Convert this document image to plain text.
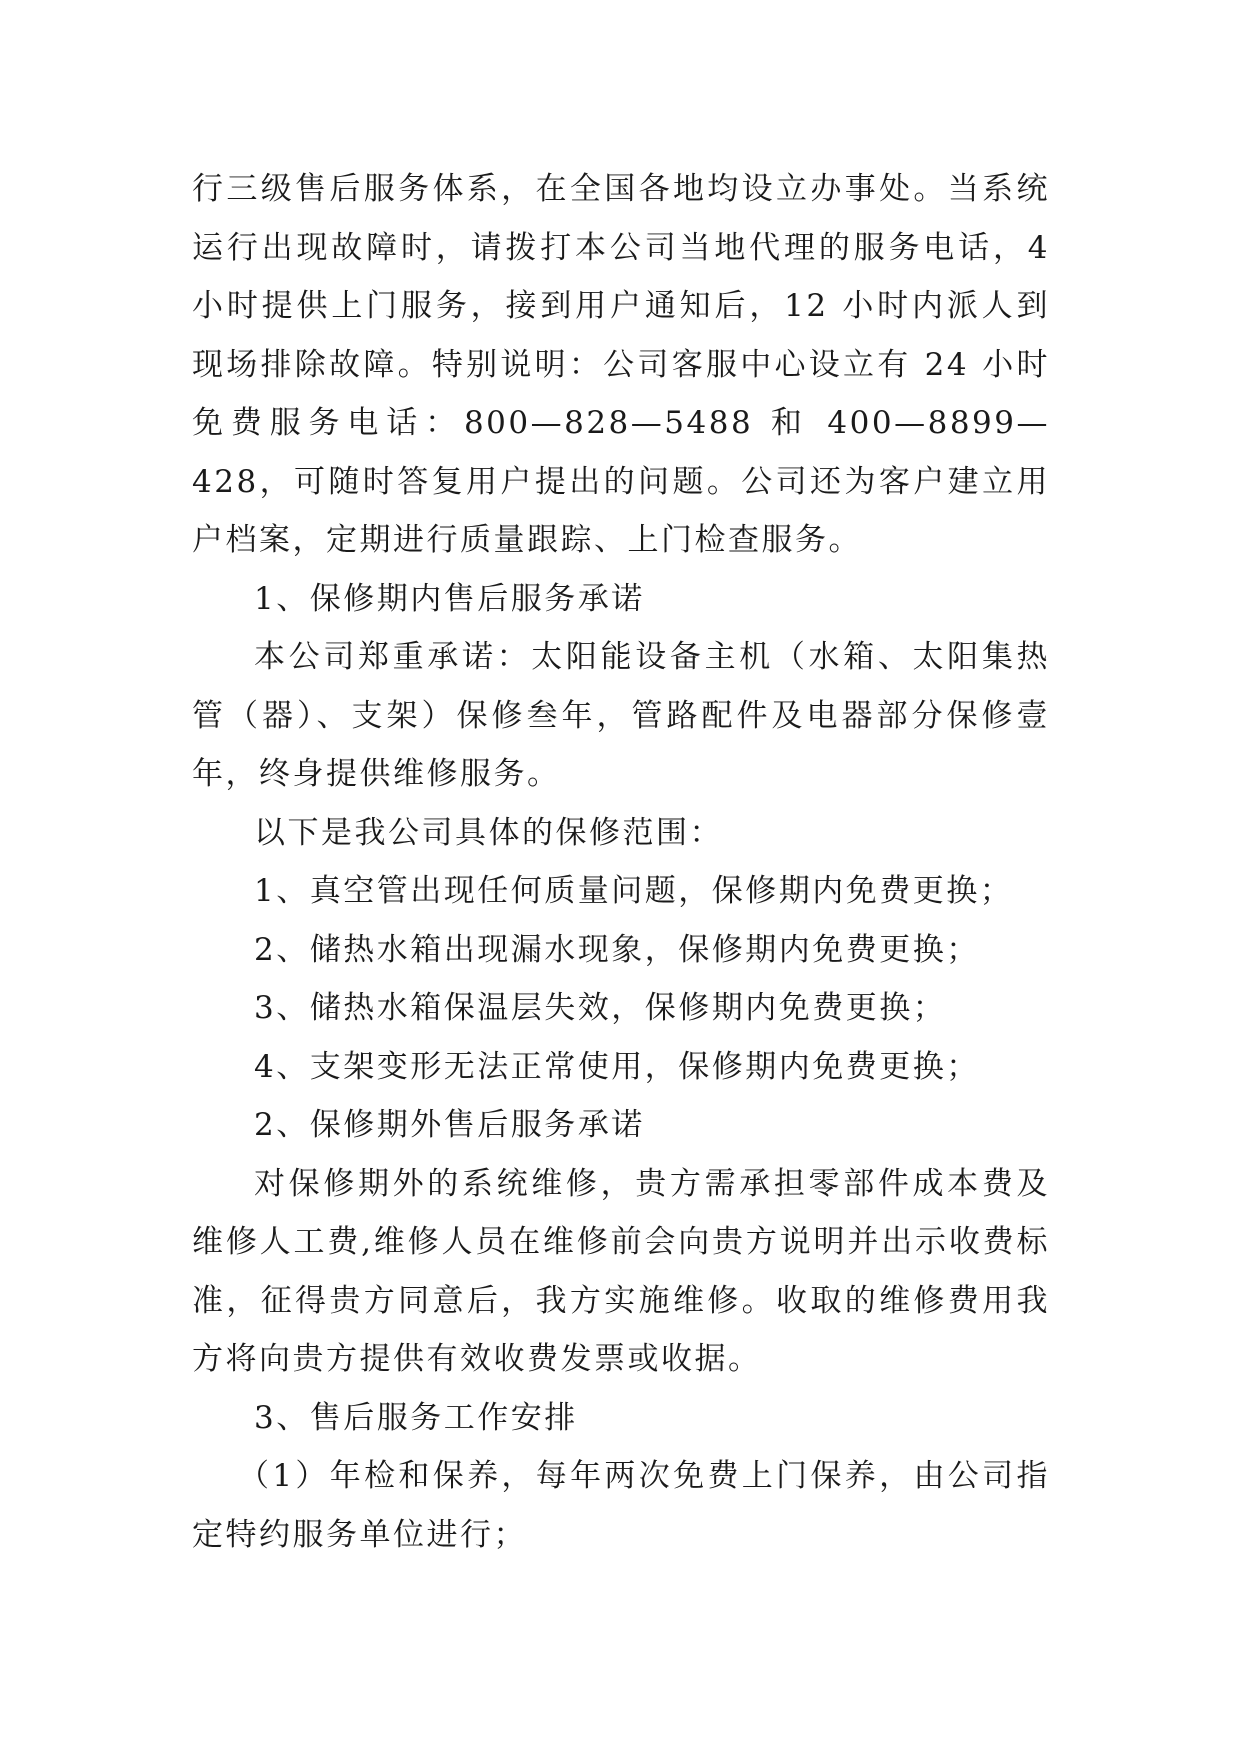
行三级售后服务体系，在全国各地均设立办事处。当系统运行出现故障时，请拨打本公司当地代理的服务电话，4 小时提供上门服务，接到用户通知后，12 小时内派人到现场排除故障。特别说明：公司客服中心设立有 24 小时免费服务电话：800—828—5488 和 400—8899—428，可随时答复用户提出的问题。公司还为客户建立用户档案，定期进行质量跟踪、上门检查服务。

1、保修期内售后服务承诺

本公司郑重承诺：太阳能设备主机（水箱、太阳集热管（器）、支架）保修叁年，管路配件及电器部分保修壹年，终身提供维修服务。

以下是我公司具体的保修范围：

1、真空管出现任何质量问题，保修期内免费更换；

2、储热水箱出现漏水现象，保修期内免费更换；

3、储热水箱保温层失效，保修期内免费更换；

4、支架变形无法正常使用，保修期内免费更换；

2、保修期外售后服务承诺

对保修期外的系统维修，贵方需承担零部件成本费及维修人工费,维修人员在维修前会向贵方说明并出示收费标准，征得贵方同意后，我方实施维修。收取的维修费用我方将向贵方提供有效收费发票或收据。

3、售后服务工作安排

（1）年检和保养，每年两次免费上门保养，由公司指定特约服务单位进行；
